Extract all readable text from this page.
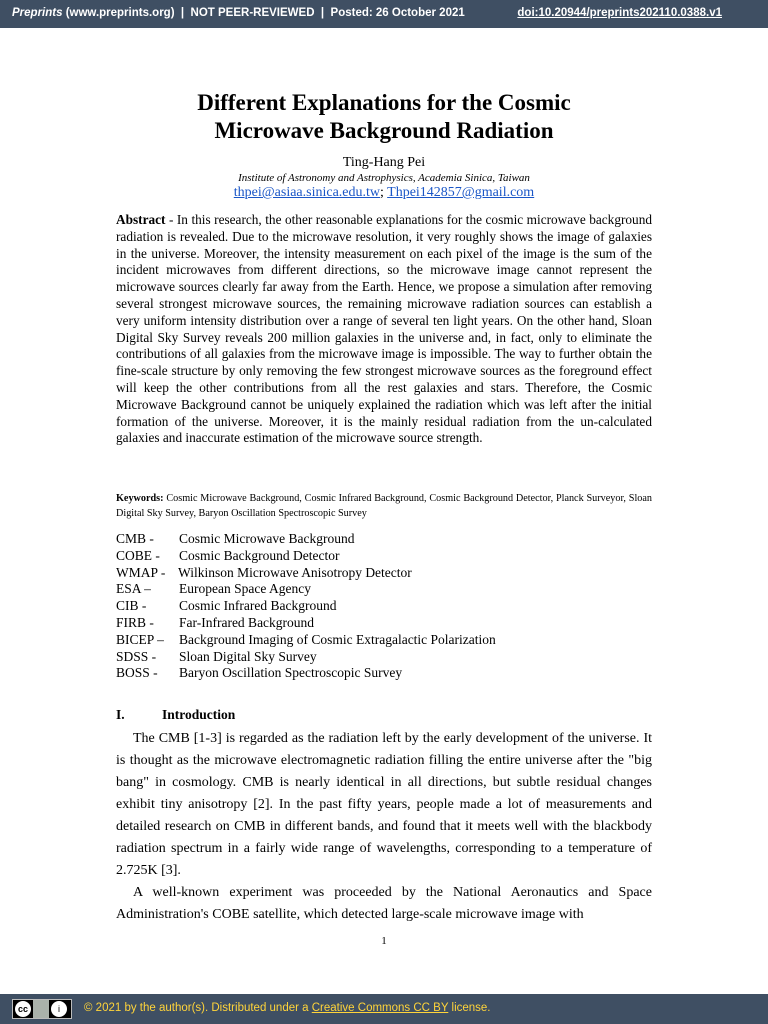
Preprints (www.preprints.org)  |  NOT PEER-REVIEWED  |  Posted: 26 October 2021	doi:10.20944/preprints202110.0388.v1
Different Explanations for the Cosmic
Microwave Background Radiation
Ting-Hang Pei
Institute of Astronomy and Astrophysics, Academia Sinica, Taiwan
thpei@asiaa.sinica.edu.tw; Thpei142857@gmail.com
Abstract - In this research, the other reasonable explanations for the cosmic microwave background radiation is revealed. Due to the microwave resolution, it very roughly shows the image of galaxies in the universe. Moreover, the intensity measurement on each pixel of the image is the sum of the incident microwaves from different directions, so the microwave image cannot represent the microwave sources clearly far away from the Earth. Hence, we propose a simulation after removing several strongest microwave sources, the remaining microwave radiation sources can establish a very uniform intensity distribution over a range of several ten light years. On the other hand, Sloan Digital Sky Survey reveals 200 million galaxies in the universe and, in fact, only to eliminate the contributions of all galaxies from the microwave image is impossible. The way to further obtain the fine-scale structure by only removing the few strongest microwave sources as the foreground effect will keep the other contributions from all the rest galaxies and stars. Therefore, the Cosmic Microwave Background cannot be uniquely explained the radiation which was left after the initial formation of the universe. Moreover, it is the mainly residual radiation from the un-calculated galaxies and inaccurate estimation of the microwave source strength.
Keywords: Cosmic Microwave Background, Cosmic Infrared Background, Cosmic Background Detector, Planck Surveyor, Sloan Digital Sky Survey, Baryon Oscillation Spectroscopic Survey
CMB - Cosmic Microwave Background
COBE - Cosmic Background Detector
WMAP - Wilkinson Microwave Anisotropy Detector
ESA – European Space Agency
CIB - Cosmic Infrared Background
FIRB - Far-Infrared Background
BICEP – Background Imaging of Cosmic Extragalactic Polarization
SDSS - Sloan Digital Sky Survey
BOSS - Baryon Oscillation Spectroscopic Survey
I.	Introduction

The CMB [1-3] is regarded as the radiation left by the early development of the universe. It is thought as the microwave electromagnetic radiation filling the entire universe after the "big bang" in cosmology. CMB is nearly identical in all directions, but subtle residual changes exhibit tiny anisotropy [2]. In the past fifty years, people made a lot of measurements and detailed research on CMB in different bands, and found that it meets well with the blackbody radiation spectrum in a fairly wide range of wavelengths, corresponding to a temperature of 2.725K [3].

A well-known experiment was proceeded by the National Aeronautics and Space Administration's COBE satellite, which detected large-scale microwave image with

1
cc	i	© 2021 by the author(s). Distributed under a Creative Commons CC BY license.
